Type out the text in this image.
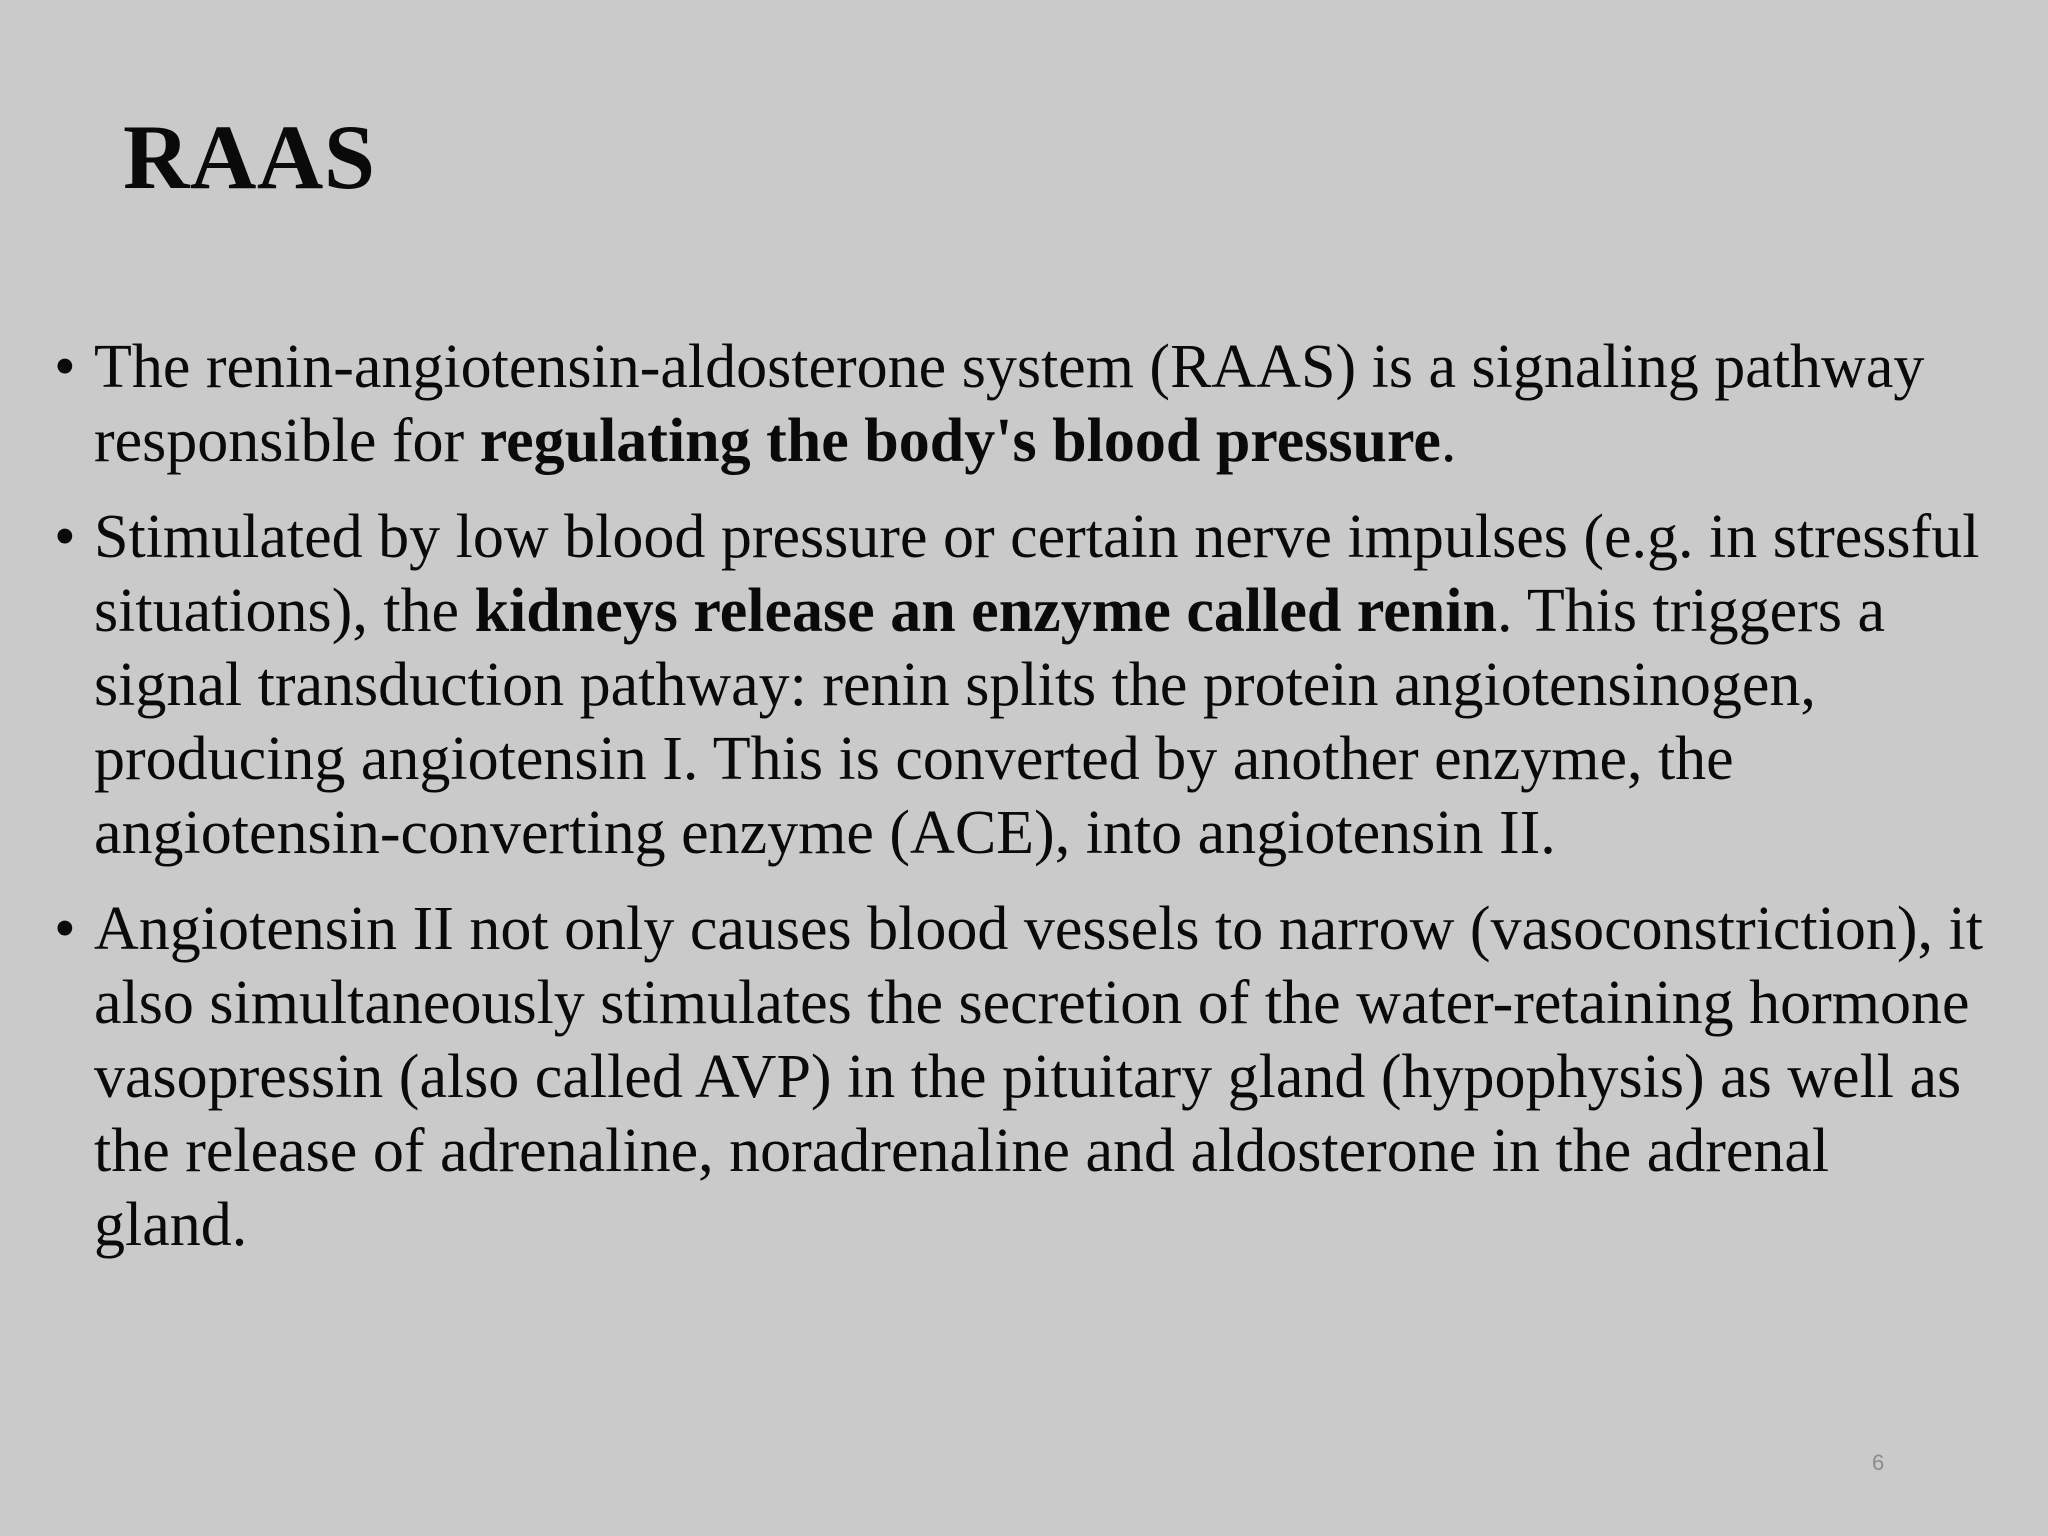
RAAS
• The renin-angiotensin-aldosterone system (RAAS) is a signaling pathway responsible for regulating the body's blood pressure.
• Stimulated by low blood pressure or certain nerve impulses (e.g. in stressful situations), the kidneys release an enzyme called renin. This triggers a signal transduction pathway: renin splits the protein angiotensinogen, producing angiotensin I. This is converted by another enzyme, the angiotensin-converting enzyme (ACE), into angiotensin II.
• Angiotensin II not only causes blood vessels to narrow (vasoconstriction), it also simultaneously stimulates the secretion of the water-retaining hormone vasopressin (also called AVP) in the pituitary gland (hypophysis) as well as the release of adrenaline, noradrenaline and aldosterone in the adrenal gland.
6
